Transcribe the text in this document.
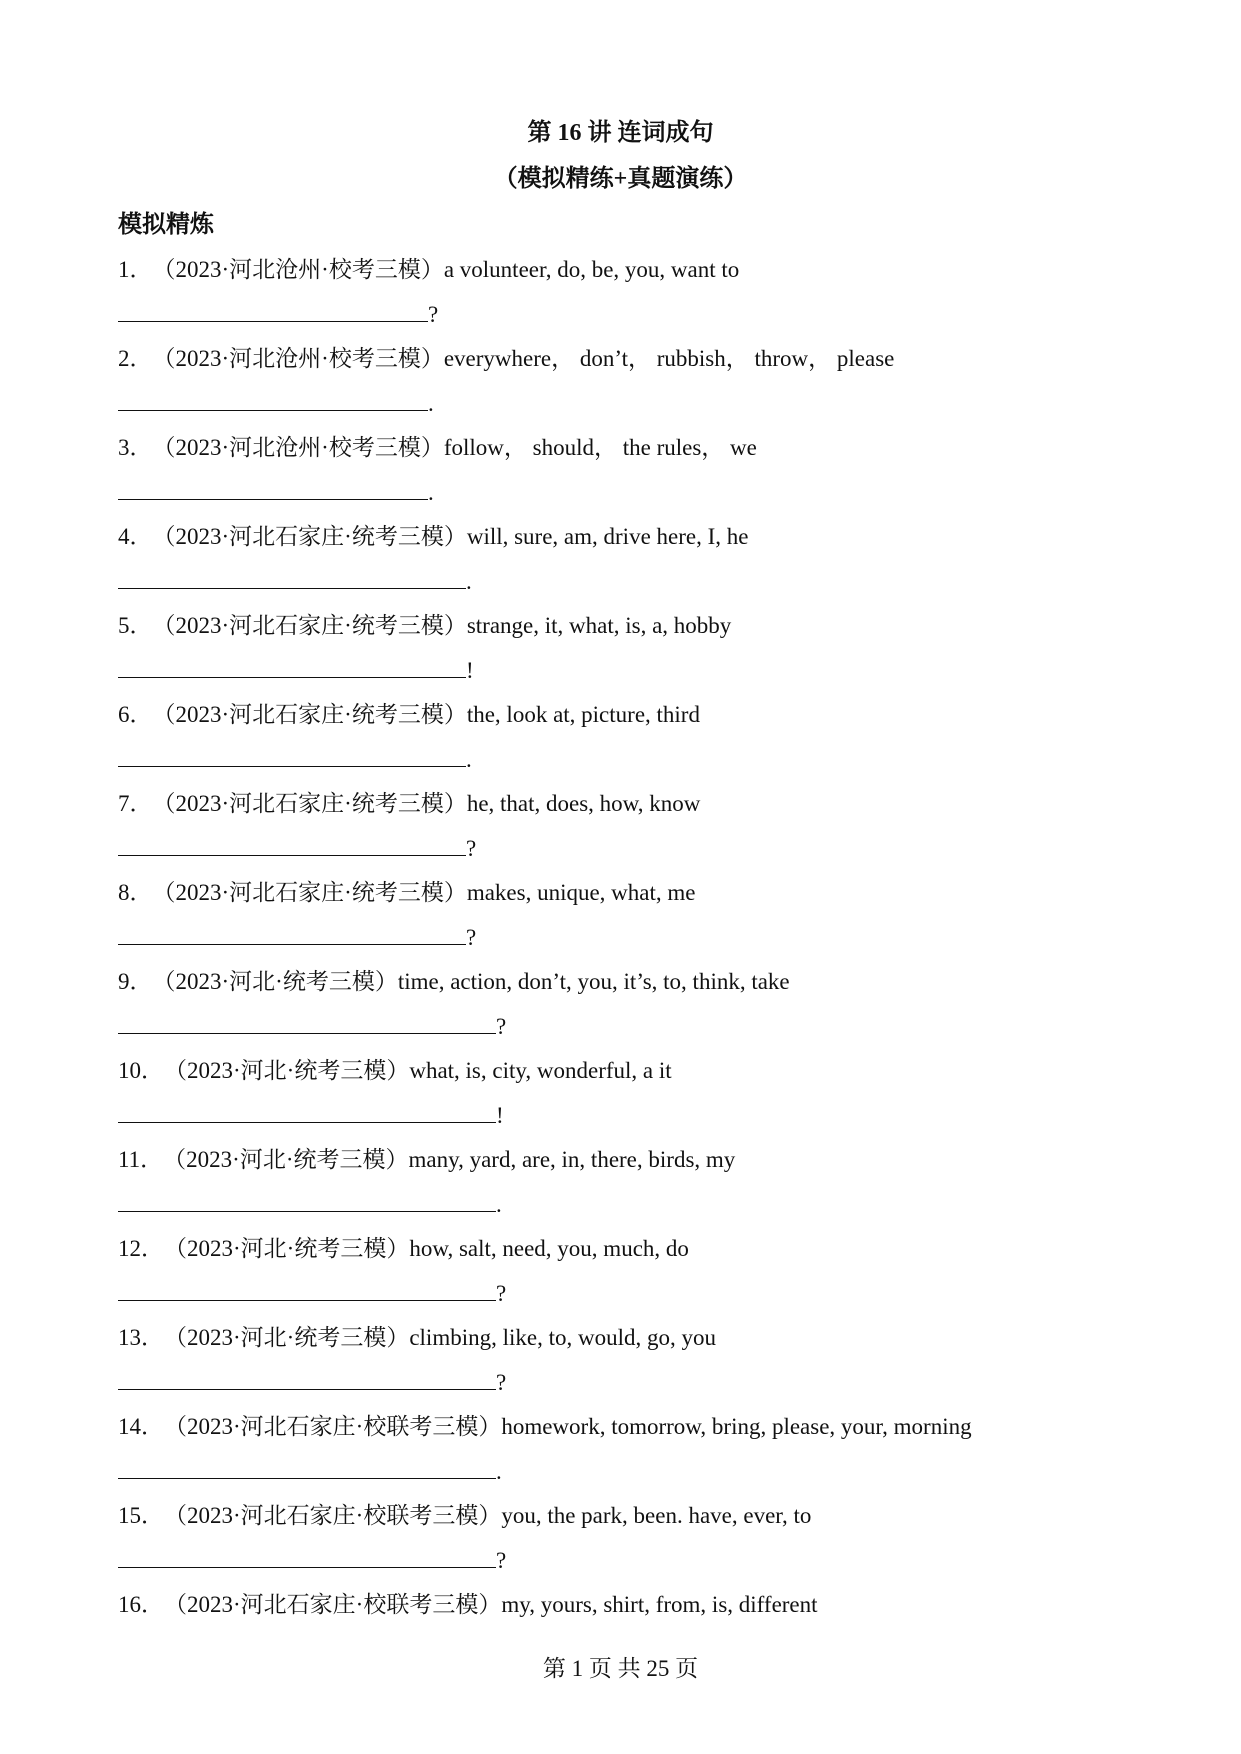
第 16 讲 连词成句
（模拟精练+真题演练）
模拟精炼
1．（2023·河北沧州·校考三模）a volunteer, do, be, you, want to
?
2．（2023·河北沧州·校考三模）everywhere， don’t， rubbish， throw， please
.
3．（2023·河北沧州·校考三模）follow， should， the rules， we
.
4．（2023·河北石家庄·统考三模）will, sure, am, drive here, I, he
.
5．（2023·河北石家庄·统考三模）strange, it, what, is, a, hobby
!
6．（2023·河北石家庄·统考三模）the, look at, picture, third
.
7．（2023·河北石家庄·统考三模）he, that, does, how, know
?
8．（2023·河北石家庄·统考三模）makes, unique, what, me
?
9．（2023·河北·统考三模）time, action, don’t, you, it’s, to, think, take
?
10．（2023·河北·统考三模）what, is, city, wonderful, a it
!
11．（2023·河北·统考三模）many, yard, are, in, there, birds, my
.
12．（2023·河北·统考三模）how, salt, need, you, much, do
?
13．（2023·河北·统考三模）climbing, like, to, would, go, you
?
14．（2023·河北石家庄·校联考三模）homework, tomorrow, bring, please, your, morning
.
15．（2023·河北石家庄·校联考三模）you, the park, been. have, ever, to
?
16．（2023·河北石家庄·校联考三模）my, yours, shirt, from, is, different
第 1 页 共 25 页
